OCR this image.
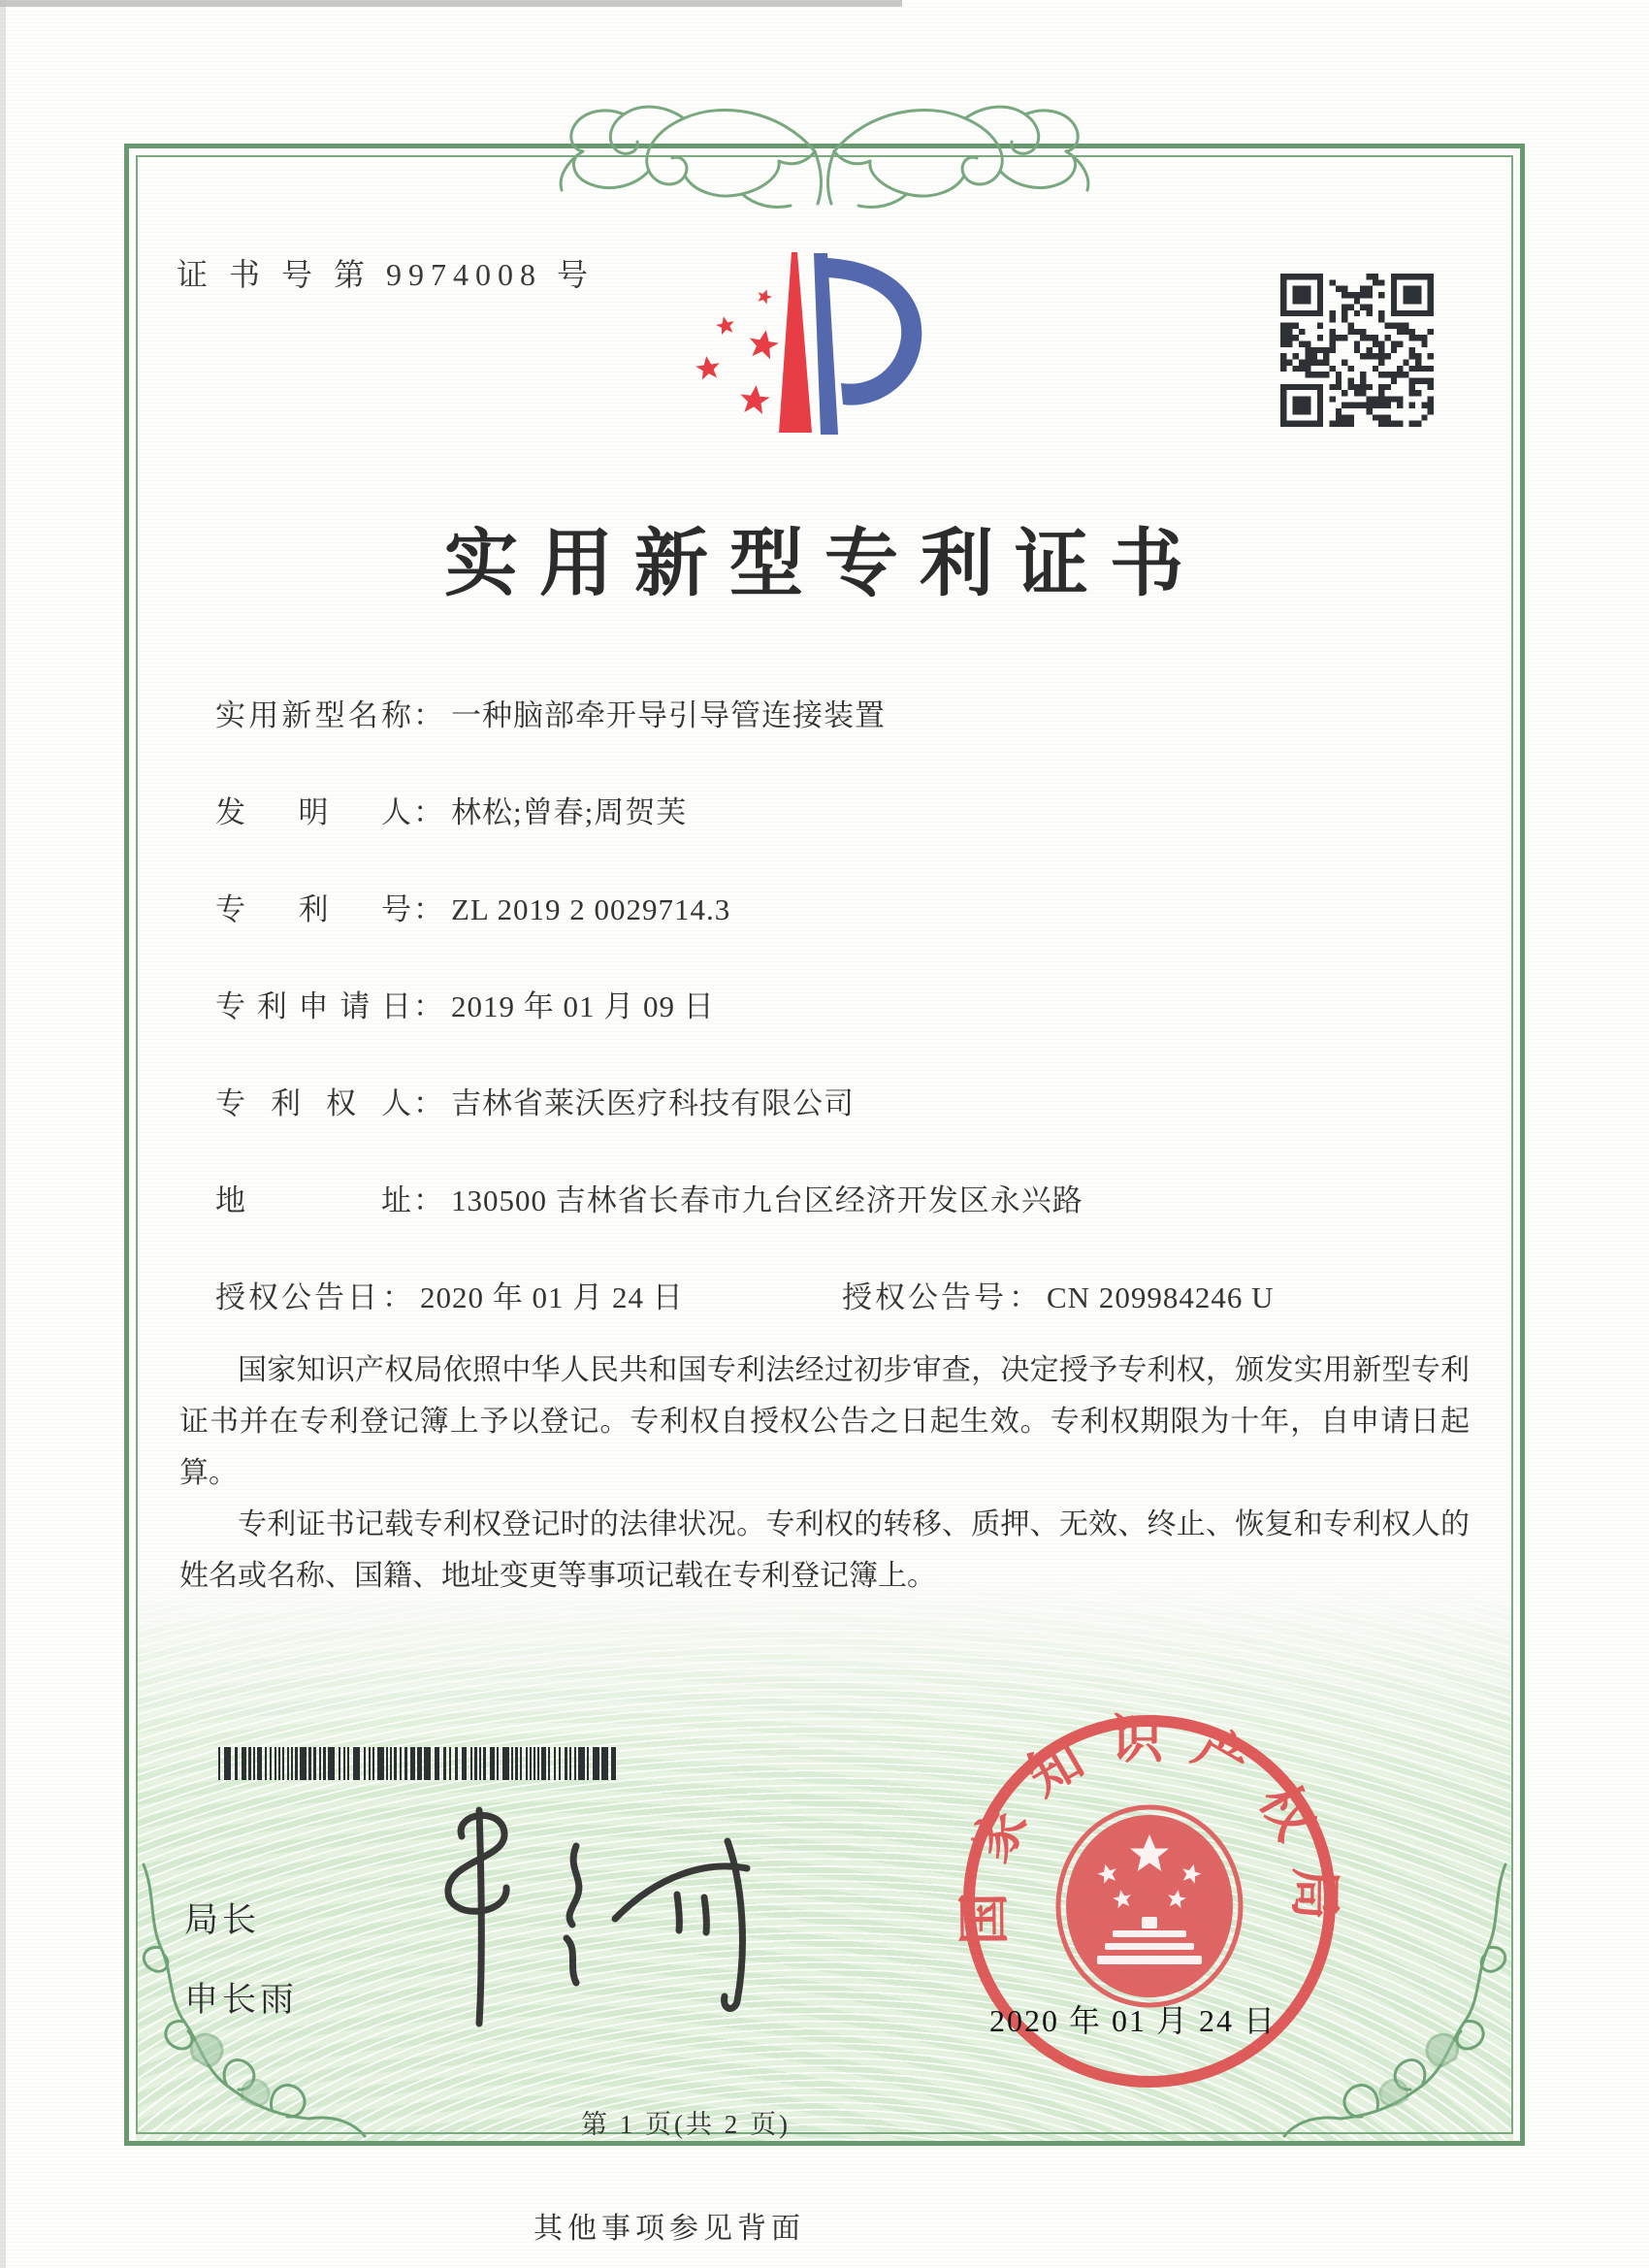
证 书 号 第 9974008 号
实用新型专利证书
实用新型名称： 一种脑部牵开导引导管连接装置
发明人： 林松;曾春;周贺芙
专利号： ZL 2019 2 0029714.3
专利申请日： 2019 年 01 月 09 日
专利权人： 吉林省莱沃医疗科技有限公司
地址： 130500 吉林省长春市九台区经济开发区永兴路
授权公告日： 2020 年 01 月 24 日	授权公告号： CN 209984246 U

国家知识产权局依照中华人民共和国专利法经过初步审查，决定授予专利权，颁发实用新型专利证书并在专利登记簿上予以登记。专利权自授权公告之日起生效。专利权期限为十年，自申请日起算。

专利证书记载专利权登记时的法律状况。专利权的转移、质押、无效、终止、恢复和专利权人的姓名或名称、国籍、地址变更等事项记载在专利登记簿上。

局长
申长雨
国家知识产权局
2020 年 01 月 24 日
第 1 页(共 2 页)
其他事项参见背面
